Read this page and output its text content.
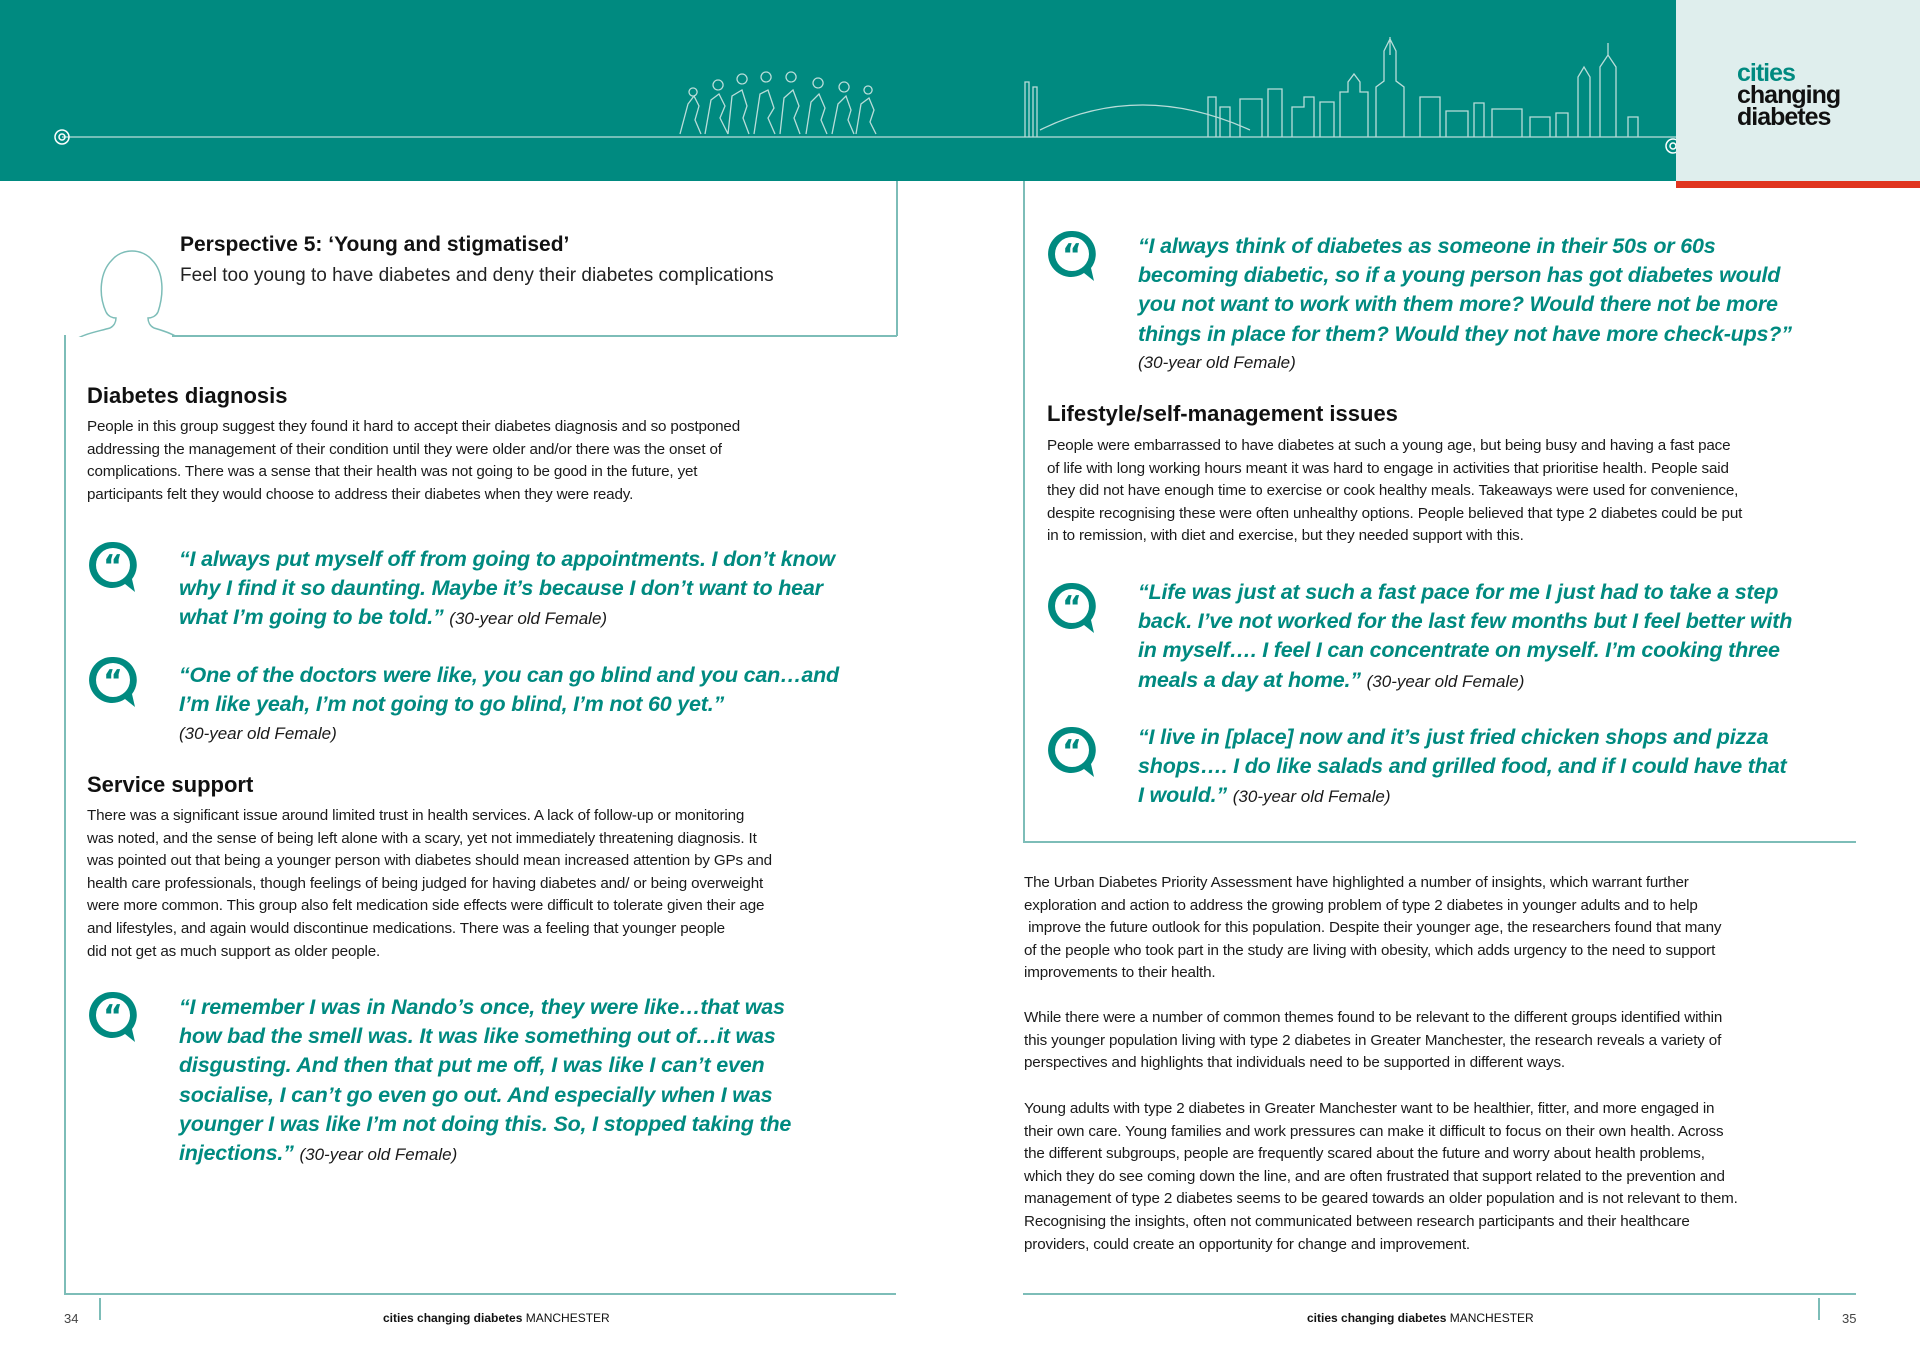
cities
changing
diabetes
Perspective 5: ‘Young and stigmatised’
Feel too young to have diabetes and deny their diabetes complications
Diabetes diagnosis
People in this group suggest they found it hard to accept their diabetes diagnosis and so postponed
addressing the management of their condition until they were older and/or there was the onset of
complications. There was a sense that their health was not going to be good in the future, yet
participants felt they would choose to address their diabetes when they were ready.
“	“I always put myself off from going to appointments. I don’t know
why I find it so daunting. Maybe it’s because I don’t want to hear
what I’m going to be told.” (30-year old Female)
“	“One of the doctors were like, you can go blind and you can…and
I’m like yeah, I’m not going to go blind, I’m not 60 yet.”
(30-year old Female)
Service support
There was a significant issue around limited trust in health services. A lack of follow-up or monitoring
was noted, and the sense of being left alone with a scary, yet not immediately threatening diagnosis. It
was pointed out that being a younger person with diabetes should mean increased attention by GPs and
health care professionals, though feelings of being judged for having diabetes and/ or being overweight
were more common. This group also felt medication side effects were difficult to tolerate given their age
and lifestyles, and again would discontinue medications. There was a feeling that younger people
did not get as much support as older people.
“	“I remember I was in Nando’s once, they were like…that was
how bad the smell was. It was like something out of…it was
disgusting. And then that put me off, I was like I can’t even
socialise, I can’t go even go out. And especially when I was
younger I was like I’m not doing this. So, I stopped taking the
injections.” (30-year old Female)
“	“I always think of diabetes as someone in their 50s or 60s
becoming diabetic, so if a young person has got diabetes would
you not want to work with them more? Would there not be more
things in place for them? Would they not have more check-ups?”
(30-year old Female)
Lifestyle/self-management issues
People were embarrassed to have diabetes at such a young age, but being busy and having a fast pace
of life with long working hours meant it was hard to engage in activities that prioritise health. People said
they did not have enough time to exercise or cook healthy meals. Takeaways were used for convenience,
despite recognising these were often unhealthy options. People believed that type 2 diabetes could be put
in to remission, with diet and exercise, but they needed support with this.
“	“Life was just at such a fast pace for me I just had to take a step
back. I’ve not worked for the last few months but I feel better with
in myself…. I feel I can concentrate on myself. I’m cooking three
meals a day at home.” (30-year old Female)
“	“I live in [place] now and it’s just fried chicken shops and pizza
shops…. I do like salads and grilled food, and if I could have that
I would.” (30-year old Female)
The Urban Diabetes Priority Assessment have highlighted a number of insights, which warrant further
exploration and action to address the growing problem of type 2 diabetes in younger adults and to help
improve the future outlook for this population. Despite their younger age, the researchers found that many
of the people who took part in the study are living with obesity, which adds urgency to the need to support
improvements to their health.
While there were a number of common themes found to be relevant to the different groups identified within
this younger population living with type 2 diabetes in Greater Manchester, the research reveals a variety of
perspectives and highlights that individuals need to be supported in different ways.
Young adults with type 2 diabetes in Greater Manchester want to be healthier, fitter, and more engaged in
their own care. Young families and work pressures can make it difficult to focus on their own health. Across
the different subgroups, people are frequently scared about the future and worry about health problems,
which they do see coming down the line, and are often frustrated that support related to the prevention and
management of type 2 diabetes seems to be geared towards an older population and is not relevant to them.
Recognising the insights, often not communicated between research participants and their healthcare
providers, could create an opportunity for change and improvement.
34	cities changing diabetes MANCHESTER	cities changing diabetes MANCHESTER	35
